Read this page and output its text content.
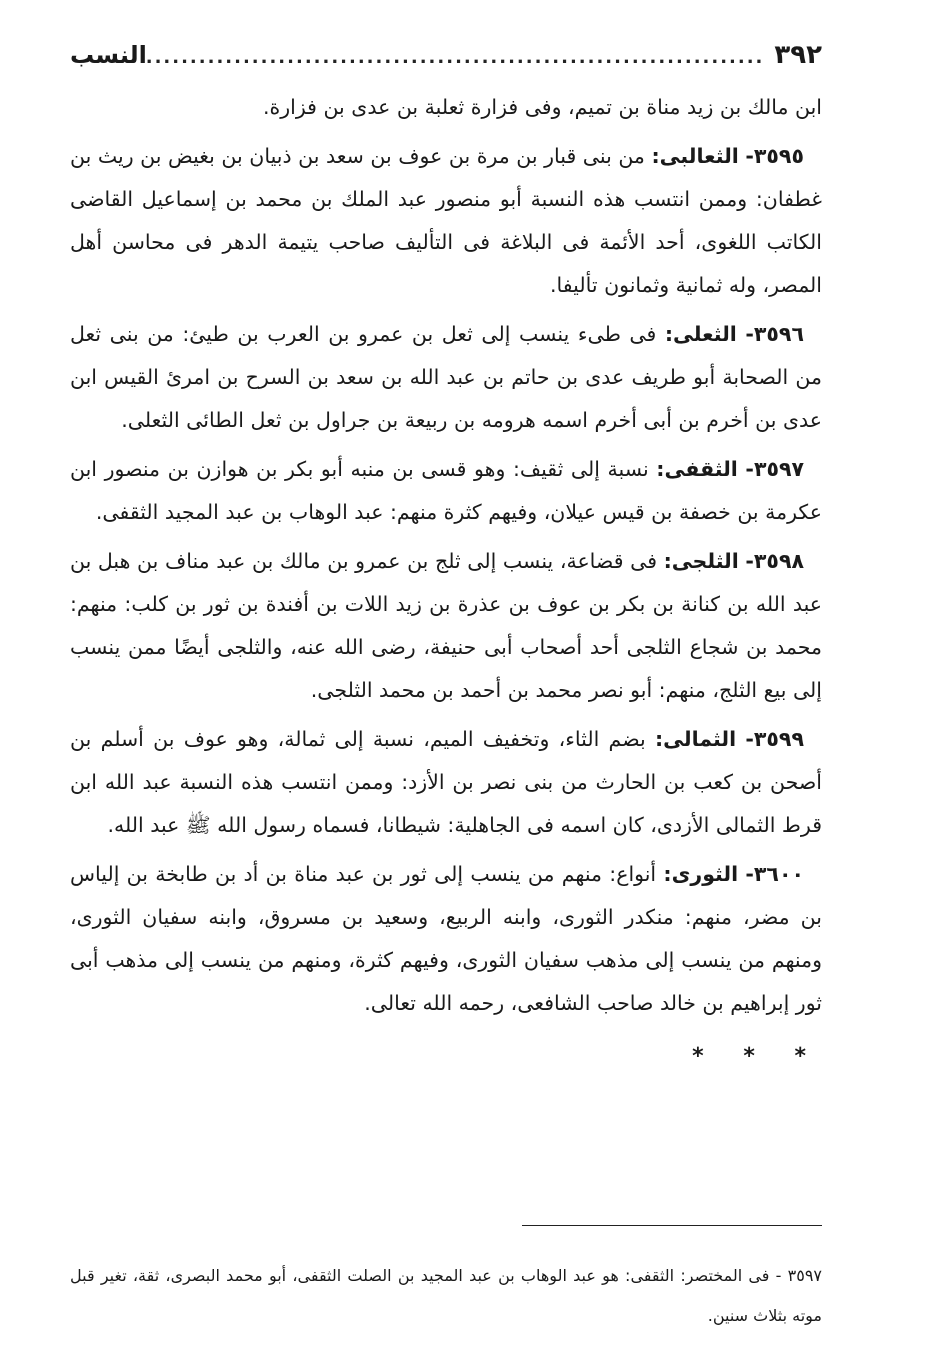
٣٩٢
.....
النسب

ابن مالك بن زيد مناة بن تميم، وفى فزارة ثعلبة بن عدى بن فزارة.

٣٥٩٥- الثعالبى: من بنى قبار بن مرة بن عوف بن سعد بن ذبيان بن بغيض بن ريث بن غطفان: وممن انتسب هذه النسبة أبو منصور عبد الملك بن محمد بن إسماعيل القاضى الكاتب اللغوى، أحد الأئمة فى البلاغة فى التأليف صاحب يتيمة الدهر فى محاسن أهل المصر، وله ثمانية وثمانون تأليفا.

٣٥٩٦- الثعلى: فى طىء ينسب إلى ثعل بن عمرو بن العرب بن طيئ: من بنى ثعل من الصحابة أبو طريف عدى بن حاتم بن عبد الله بن سعد بن السرح بن امرئ القيس ابن عدى بن أخرم بن أبى أخرم اسمه هرومه بن ربيعة بن جراول بن ثعل الطائى الثعلى.

٣٥٩٧- الثقفى: نسبة إلى ثقيف: وهو قسى بن منبه أبو بكر بن هوازن بن منصور ابن عكرمة بن خصفة بن قيس عيلان، وفيهم كثرة منهم: عبد الوهاب بن عبد المجيد الثقفى.

٣٥٩٨- الثلجى: فى قضاعة، ينسب إلى ثلج بن عمرو بن مالك بن عبد مناف بن هبل بن عبد الله بن كنانة بن بكر بن عوف بن عذرة بن زيد اللات بن أفندة بن ثور بن كلب: منهم: محمد بن شجاع الثلجى أحد أصحاب أبى حنيفة، رضى الله عنه، والثلجى أيضًا ممن ينسب إلى بيع الثلج، منهم: أبو نصر محمد بن أحمد بن محمد الثلجى.

٣٥٩٩- الثمالى: بضم الثاء، وتخفيف الميم، نسبة إلى ثمالة، وهو عوف بن أسلم بن أصحن بن كعب بن الحارث من بنى نصر بن الأزد: وممن انتسب هذه النسبة عبد الله ابن قرط الثمالى الأزدى، كان اسمه فى الجاهلية: شيطانا، فسماه رسول الله ﷺ عبد الله.

٣٦٠٠- الثورى: أنواع: منهم من ينسب إلى ثور بن عبد مناة بن أد بن طابخة بن إلياس بن مضر، منهم: منكدر الثورى، وابنه الربيع، وسعيد بن مسروق، وابنه سفيان الثورى، ومنهم من ينسب إلى مذهب سفيان الثورى، وفيهم كثرة، ومنهم من ينسب إلى مذهب أبى ثور إبراهيم بن خالد صاحب الشافعى، رحمه الله تعالى.

* * *

٣٥٩٧ - فى المختصر: الثقفى: هو عبد الوهاب بن عبد المجيد بن الصلت الثقفى، أبو محمد البصرى، ثقة، تغير قبل موته بثلاث سنين.
